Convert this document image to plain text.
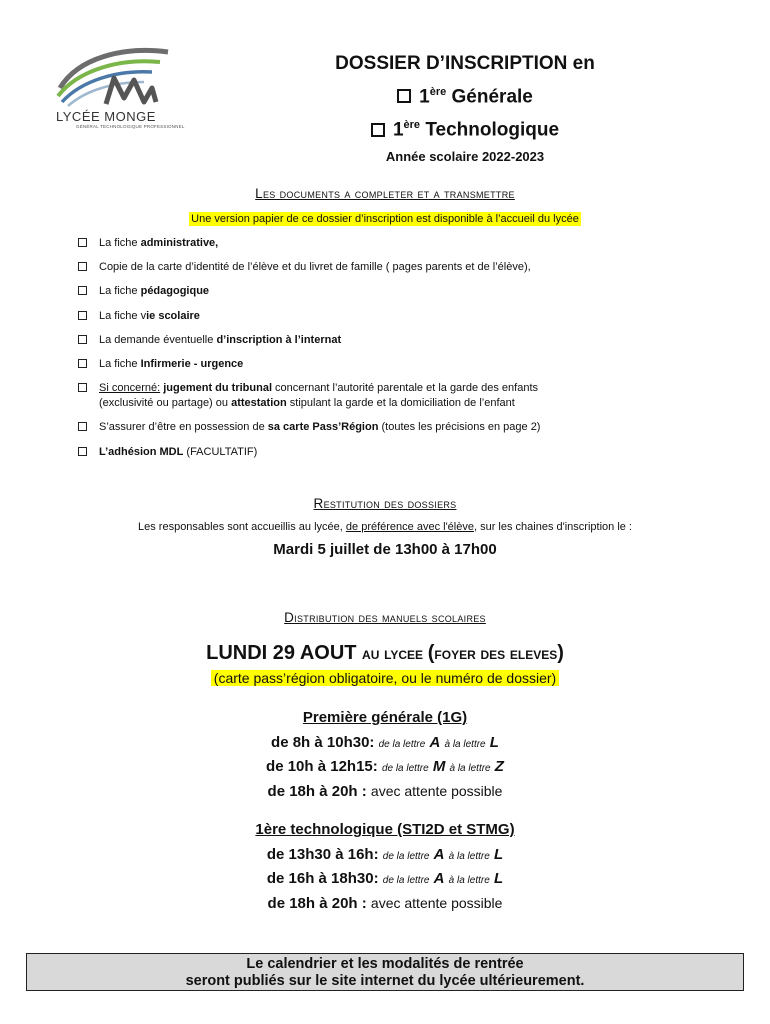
LYCÉE MONGE
GÉNÉRAL TECHNOLOGIQUE PROFESSIONNEL
DOSSIER D’INSCRIPTION en
1ère Générale
1ère Technologique
Année scolaire 2022-2023
Les documents a completer et a transmettre
Une version papier de ce dossier d’inscription est disponible à l’accueil du lycée
La fiche administrative,
Copie de la carte d’identité de l’élève et du livret de famille ( pages parents et de l’élève),
La fiche pédagogique
La fiche vie scolaire
La demande éventuelle d’inscription à l’internat
La fiche Infirmerie - urgence
Si concerné: jugement du tribunal concernant l’autorité parentale et la garde des enfants
(exclusivité ou partage) ou attestation stipulant la garde et la domiciliation de l’enfant
S’assurer d’être en possession de sa carte Pass’Région (toutes les précisions en page 2)
L’adhésion MDL (FACULTATIF)
Restitution des dossiers
Les responsables sont accueillis au lycée, de préférence avec l'élève, sur les chaines d'inscription le :
Mardi 5 juillet de 13h00 à 17h00
Distribution des manuels scolaires
LUNDI 29 AOUT au lycee (foyer des eleves)
(carte pass’région obligatoire, ou le numéro de dossier)
Première générale (1G)
de 8h à 10h30: de la lettre A à la lettre L
de 10h à 12h15: de la lettre M à la lettre Z
de 18h à 20h : avec attente possible
1ère technologique (STI2D et STMG)
de 13h30 à 16h: de la lettre A à la lettre L
de 16h à 18h30: de la lettre A à la lettre L
de 18h à 20h : avec attente possible
Le calendrier et les modalités de rentrée
seront publiés sur le site internet du lycée ultérieurement.
